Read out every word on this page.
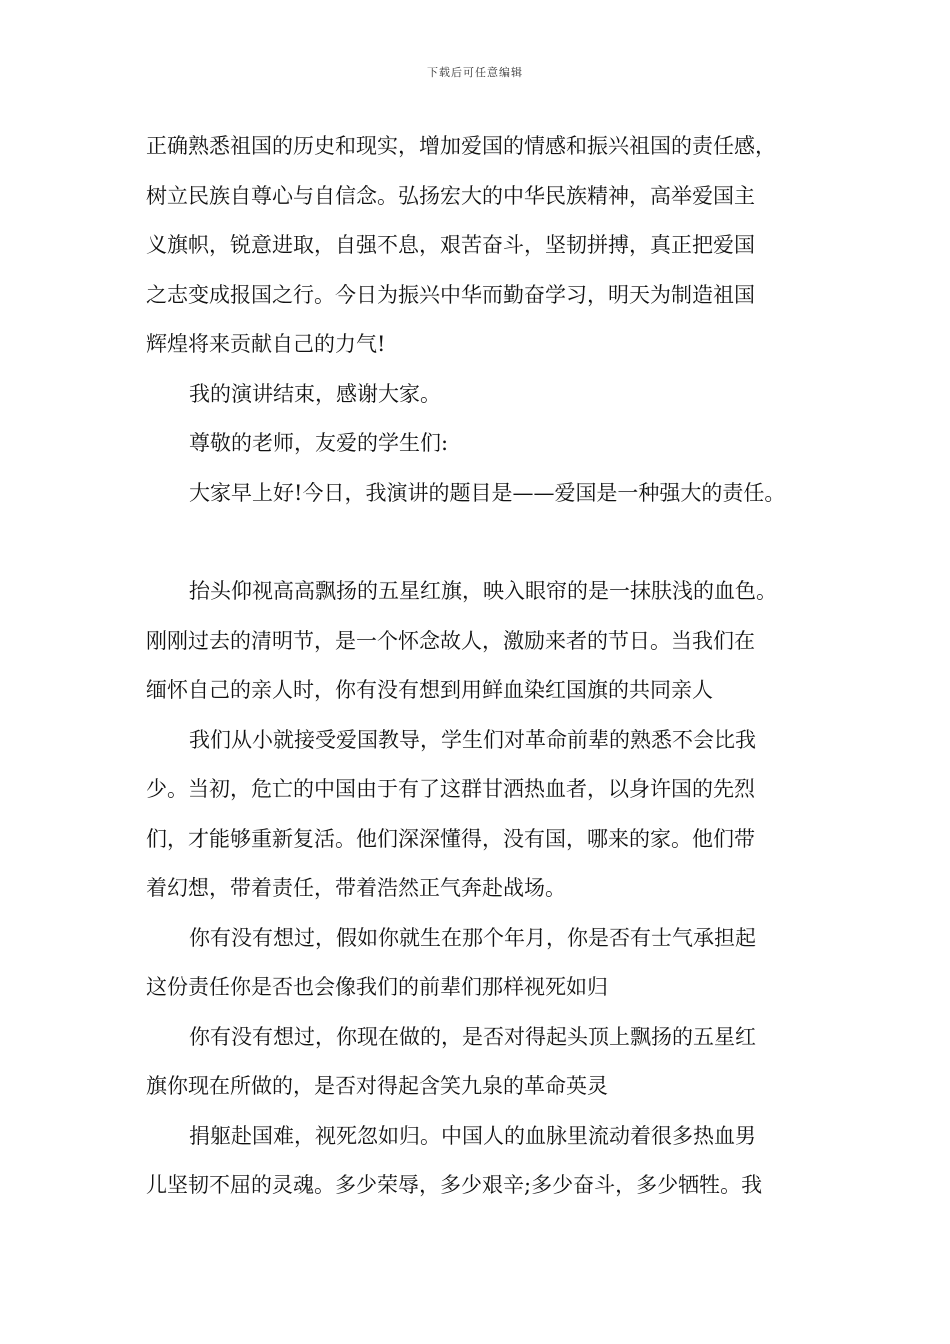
下载后可任意编辑
正确熟悉祖国的历史和现实，增加爱国的情感和振兴祖国的责任感，
树立民族自尊心与自信念。弘扬宏大的中华民族精神，高举爱国主
义旗帜，锐意进取，自强不息，艰苦奋斗，坚韧拼搏，真正把爱国
之志变成报国之行。今日为振兴中华而勤奋学习，明天为制造祖国
辉煌将来贡献自己的力气!
我的演讲结束，感谢大家。
尊敬的老师，友爱的学生们:
大家早上好!今日，我演讲的题目是——爱国是一种强大的责任。
抬头仰视高高飘扬的五星红旗，映入眼帘的是一抹肤浅的血色。
刚刚过去的清明节，是一个怀念故人，激励来者的节日。当我们在
缅怀自己的亲人时，你有没有想到用鲜血染红国旗的共同亲人
我们从小就接受爱国教导，学生们对革命前辈的熟悉不会比我
少。当初，危亡的中国由于有了这群甘洒热血者，以身许国的先烈
们，才能够重新复活。他们深深懂得，没有国，哪来的家。他们带
着幻想，带着责任，带着浩然正气奔赴战场。
你有没有想过，假如你就生在那个年月，你是否有士气承担起
这份责任你是否也会像我们的前辈们那样视死如归
你有没有想过，你现在做的，是否对得起头顶上飘扬的五星红
旗你现在所做的，是否对得起含笑九泉的革命英灵
捐躯赴国难，视死忽如归。中国人的血脉里流动着很多热血男
儿坚韧不屈的灵魂。多少荣辱，多少艰辛;多少奋斗，多少牺牲。我
